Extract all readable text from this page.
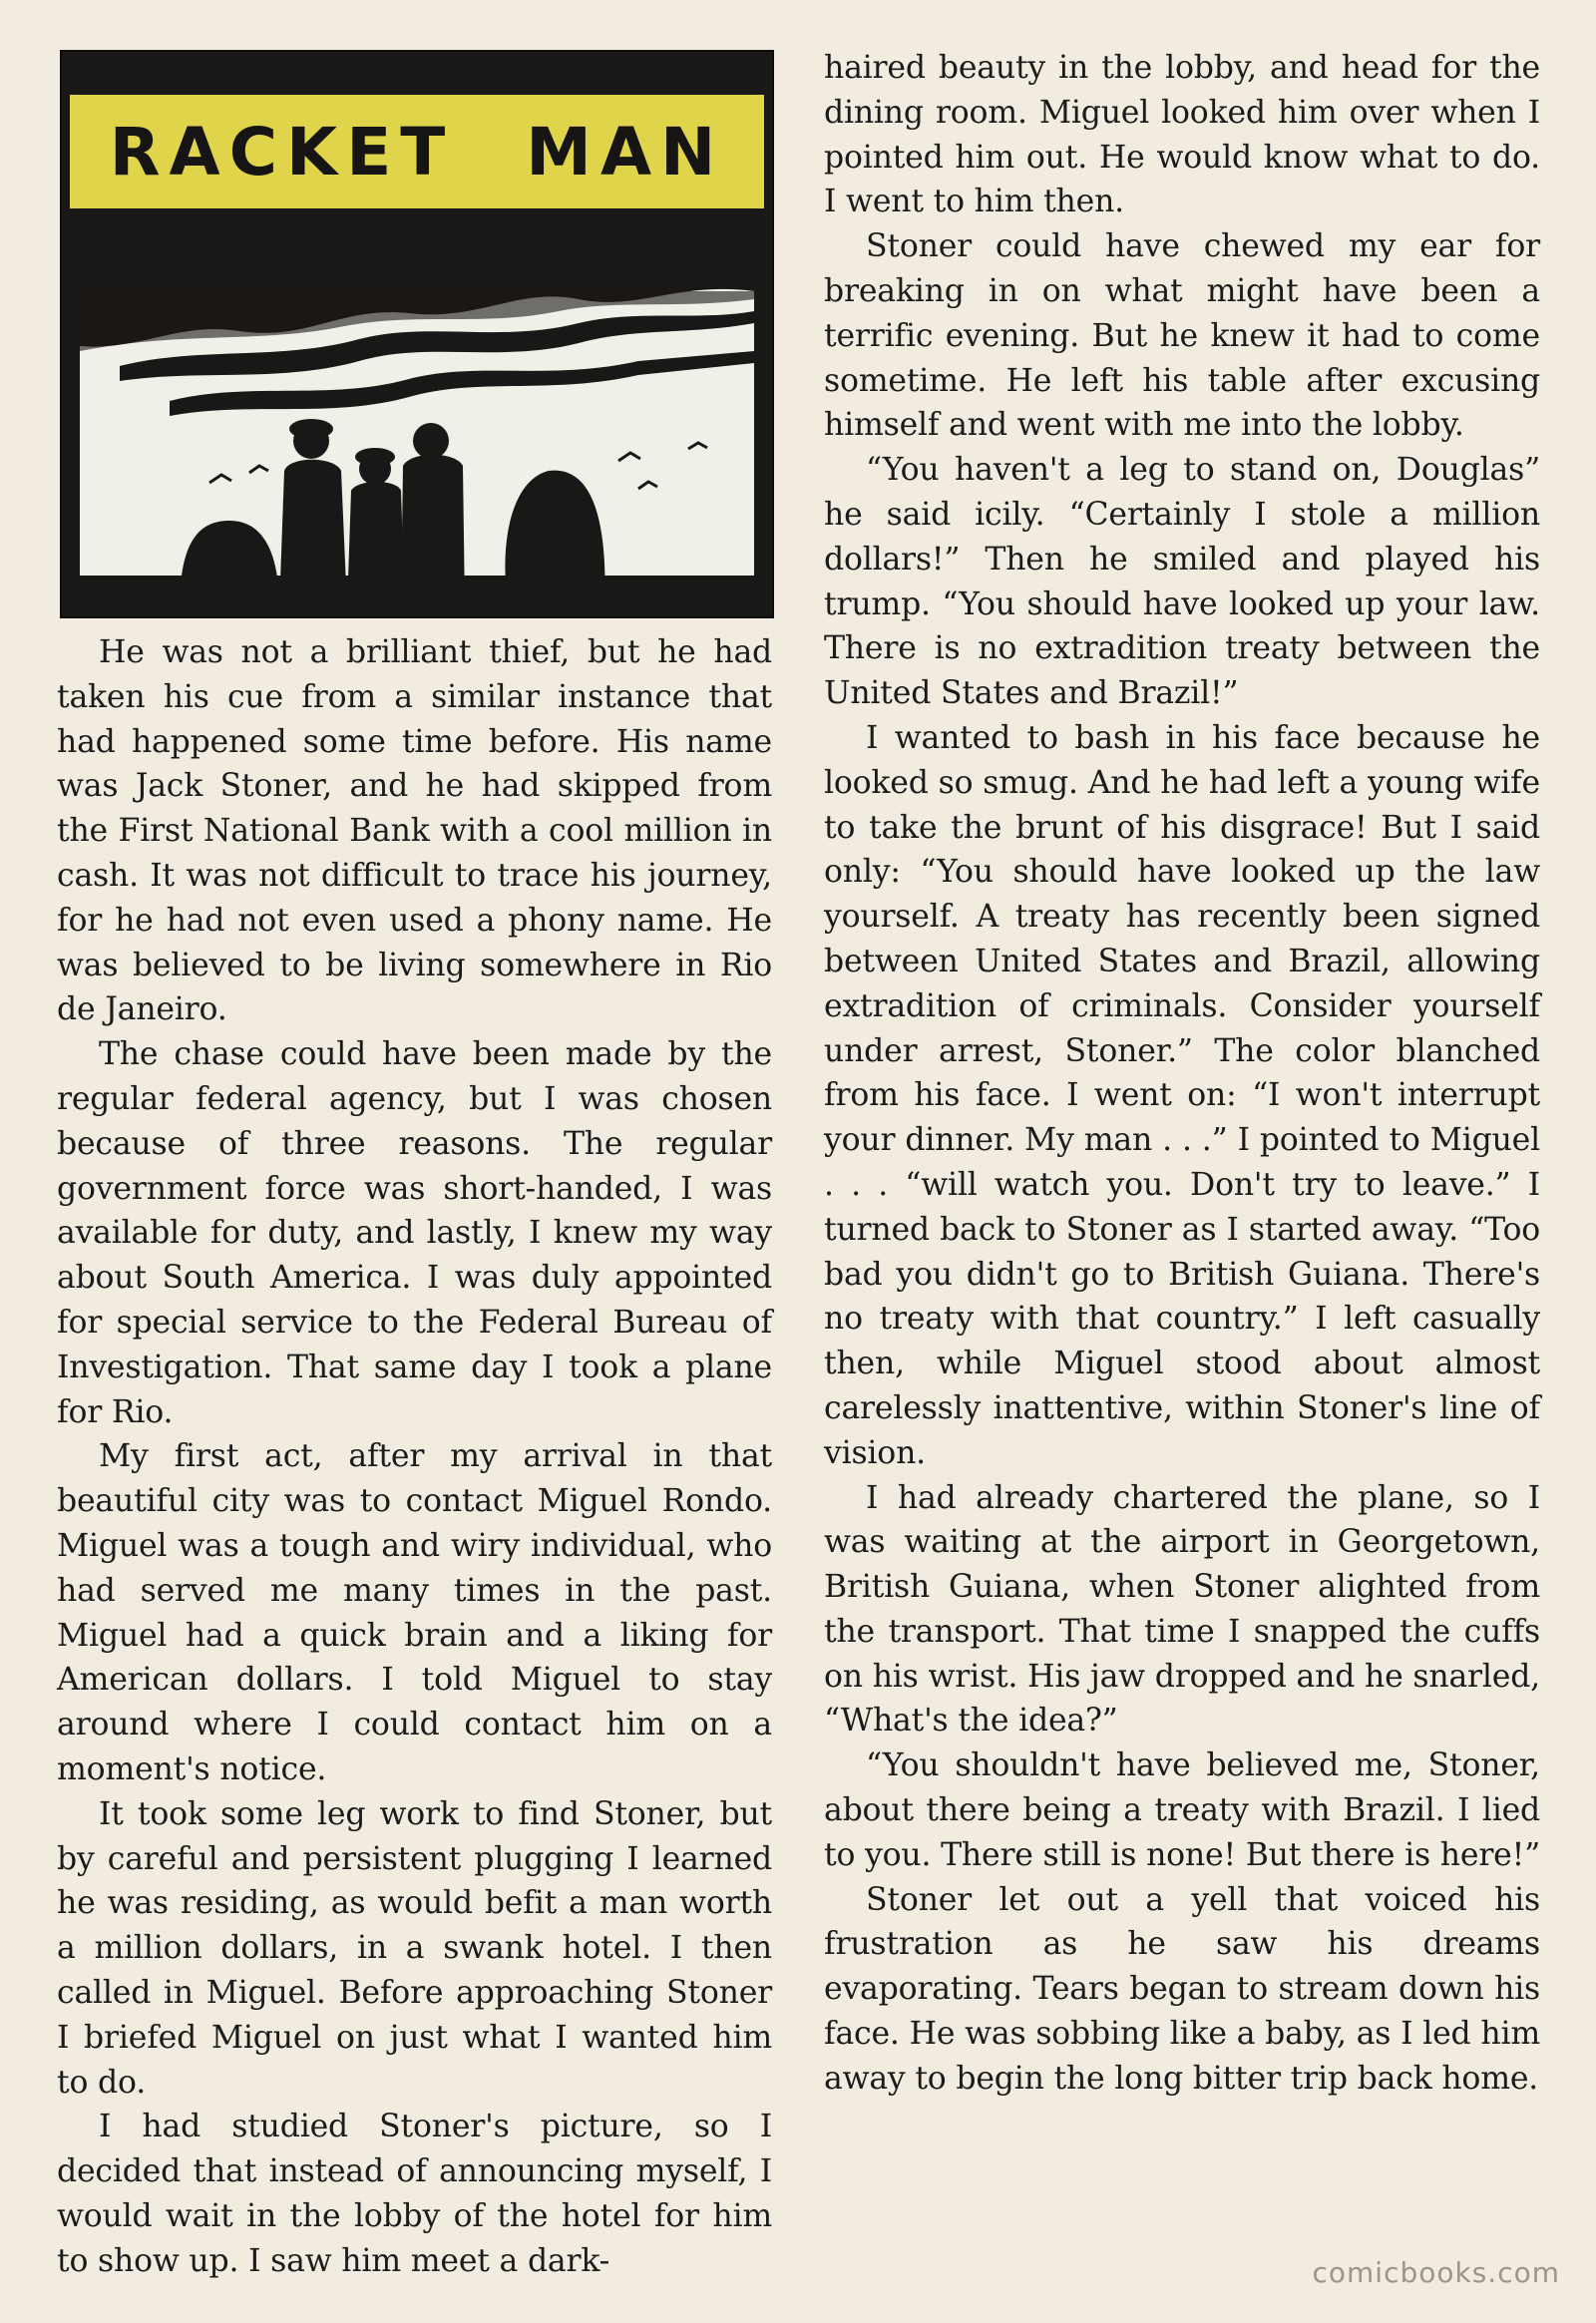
RACKET MAN

He was not a brilliant thief, but he had taken his cue from a similar instance that had happened some time before. His name was Jack Stoner, and he had skipped from the First National Bank with a cool million in cash. It was not difficult to trace his journey, for he had not even used a phony name. He was believed to be living somewhere in Rio de Janeiro.

The chase could have been made by the regular federal agency, but I was chosen because of three reasons. The regular government force was short-handed, I was available for duty, and lastly, I knew my way about South America. I was duly appointed for special service to the Federal Bureau of Investigation. That same day I took a plane for Rio.

My first act, after my arrival in that beautiful city was to contact Miguel Rondo. Miguel was a tough and wiry individual, who had served me many times in the past. Miguel had a quick brain and a liking for American dollars. I told Miguel to stay around where I could contact him on a moment's notice.

It took some leg work to find Stoner, but by careful and persistent plugging I learned he was residing, as would befit a man worth a million dollars, in a swank hotel. I then called in Miguel. Before approaching Stoner I briefed Miguel on just what I wanted him to do.

I had studied Stoner's picture, so I decided that instead of announcing myself, I would wait in the lobby of the hotel for him to show up. I saw him meet a dark-

haired beauty in the lobby, and head for the dining room. Miguel looked him over when I pointed him out. He would know what to do. I went to him then.

Stoner could have chewed my ear for breaking in on what might have been a terrific evening. But he knew it had to come sometime. He left his table after excusing himself and went with me into the lobby.

“You haven't a leg to stand on, Douglas” he said icily. “Certainly I stole a million dollars!” Then he smiled and played his trump. “You should have looked up your law. There is no extradition treaty between the United States and Brazil!”

I wanted to bash in his face because he looked so smug. And he had left a young wife to take the brunt of his disgrace! But I said only: “You should have looked up the law yourself. A treaty has recently been signed between United States and Brazil, allowing extradition of criminals. Consider yourself under arrest, Stoner.” The color blanched from his face. I went on: “I won't interrupt your dinner. My man . . .” I pointed to Miguel . . . “will watch you. Don't try to leave.” I turned back to Stoner as I started away. “Too bad you didn't go to British Guiana. There's no treaty with that country.” I left casually then, while Miguel stood about almost carelessly inattentive, within Stoner's line of vision.

I had already chartered the plane, so I was waiting at the airport in Georgetown, British Guiana, when Stoner alighted from the transport. That time I snapped the cuffs on his wrist. His jaw dropped and he snarled, “What's the idea?”

“You shouldn't have believed me, Stoner, about there being a treaty with Brazil. I lied to you. There still is none! But there is here!”

Stoner let out a yell that voiced his frustration as he saw his dreams evaporating. Tears began to stream down his face. He was sobbing like a baby, as I led him away to begin the long bitter trip back home.

comicbooks.com
